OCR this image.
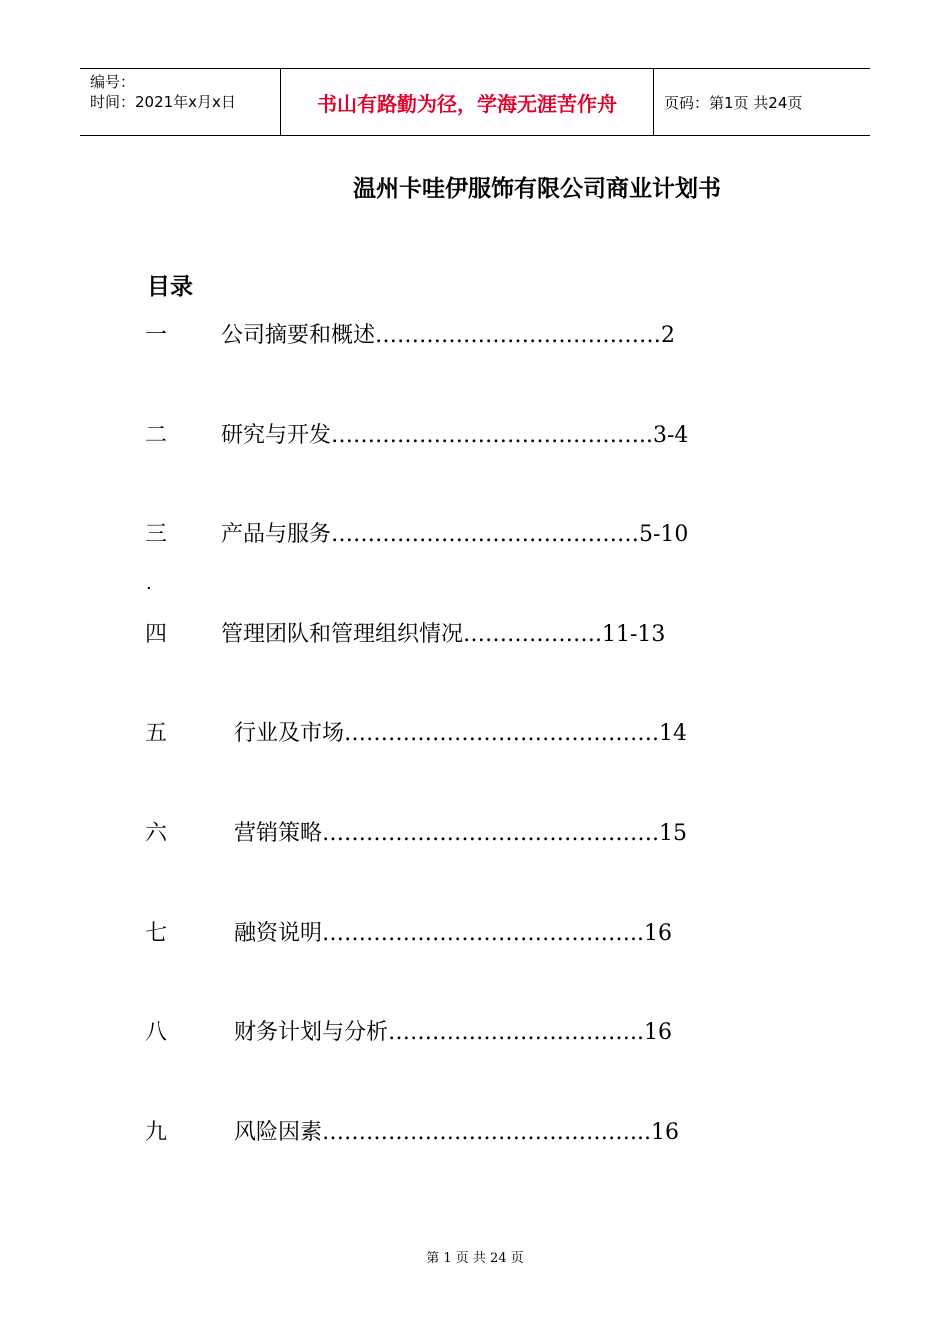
编号：
时间：2021年x月x日	书山有路勤为径，学海无涯苦作舟	页码：第1页 共24页
温州卡哇伊服饰有限公司商业计划书
目录
一 公司摘要和概述…………………………………2
二 研究与开发……………………………………..3-4
三 产品与服务……………………………………5-10
.
四 管理团队和管理组织情况……………….11-13
五	行业及市场…………………………………….14
六	营销策略……………………………………….15
七	融资说明……………………………………..16
八	财务计划与分析……………………………..16
九	风险因素……………………………………...16
第 1 页 共 24 页
